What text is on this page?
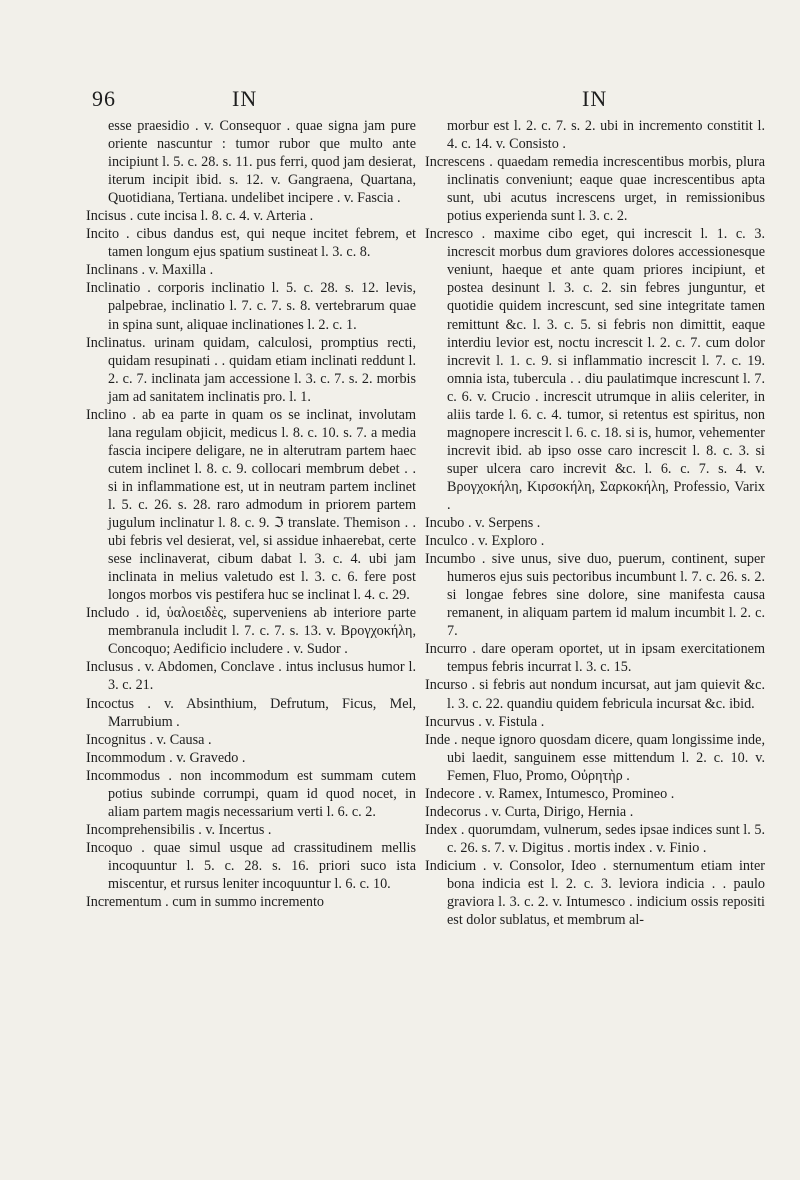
96	IN	IN

esse praesidio . v. Consequor . quae signa jam pure oriente nascuntur : tumor rubor que multo ante incipiunt l. 5. c. 28. s. 11. pus ferri, quod jam desierat, iterum incipit ibid. s. 12. v. Gangraena, Quartana, Quotidiana, Tertiana. undelibet incipere . v. Fascia .

Incisus . cute incisa l. 8. c. 4. v. Arteria .

Incito . cibus dandus est, qui neque incitet febrem, et tamen longum ejus spatium sustineat l. 3. c. 8.

Inclinans . v. Maxilla .

Inclinatio . corporis inclinatio l. 5. c. 28. s. 12. levis, palpebrae, inclinatio l. 7. c. 7. s. 8. vertebrarum quae in spina sunt, aliquae inclinationes l. 2. c. 1.

Inclinatus. urinam quidam, calculosi, promptius recti, quidam resupinati . . quidam etiam inclinati reddunt l. 2. c. 7. inclinata jam accessione l. 3. c. 7. s. 2. morbis jam ad sanitatem inclinatis pro. l. 1.

Inclino . ab ea parte in quam os se inclinat, involutam lana regulam objicit, medicus l. 8. c. 10. s. 7. a media fascia incipere deligare, ne in alterutram partem haec cutem inclinet l. 8. c. 9. collocari membrum debet . . si in inflammatione est, ut in neutram partem inclinet l. 5. c. 26. s. 28. raro admodum in priorem partem jugulum inclinatur l. 8. c. 9. ℑ translate. Themison . . ubi febris vel desierat, vel, si assidue inhaerebat, certe sese inclinaverat, cibum dabat l. 3. c. 4. ubi jam inclinata in melius valetudo est l. 3. c. 6. fere post longos morbos vis pestifera huc se inclinat l. 4. c. 29.

Includo . id, ὑαλοειδὲς, superveniens ab interiore parte membranula includit l. 7. c. 7. s. 13. v. Βρογχοκήλη, Concoquo; Aedificio includere . v. Sudor .

Inclusus . v. Abdomen, Conclave . intus inclusus humor l. 3. c. 21.

Incoctus . v. Absinthium, Defrutum, Ficus, Mel, Marrubium .

Incognitus . v. Causa .

Incommodum . v. Gravedo .

Incommodus . non incommodum est summam cutem potius subinde corrumpi, quam id quod nocet, in aliam partem magis necessarium verti l. 6. c. 2.

Incomprehensibilis . v. Incertus .

Incoquo . quae simul usque ad crassitudinem mellis incoquuntur l. 5. c. 28. s. 16. priori suco ista miscentur, et rursus leniter incoquuntur l. 6. c. 10.

Incrementum . cum in summo incremento

morbur est l. 2. c. 7. s. 2. ubi in incremento constitit l. 4. c. 14. v. Consisto .

Increscens . quaedam remedia increscentibus morbis, plura inclinatis conveniunt; eaque quae increscentibus apta sunt, ubi acutus increscens urget, in remissionibus potius experienda sunt l. 3. c. 2.

Incresco . maxime cibo eget, qui increscit l. 1. c. 3. increscit morbus dum graviores dolores accessionesque veniunt, haeque et ante quam priores incipiunt, et postea desinunt l. 3. c. 2. sin febres junguntur, et quotidie quidem increscunt, sed sine integritate tamen remittunt &c. l. 3. c. 5. si febris non dimittit, eaque interdiu levior est, noctu increscit l. 2. c. 7. cum dolor increvit l. 1. c. 9. si inflammatio increscit l. 7. c. 19. omnia ista, tubercula . . diu paulatimque increscunt l. 7. c. 6. v. Crucio . increscit utrumque in aliis celeriter, in aliis tarde l. 6. c. 4. tumor, si retentus est spiritus, non magnopere increscit l. 6. c. 18. si is, humor, vehementer increvit ibid. ab ipso osse caro increscit l. 8. c. 3. si super ulcera caro increvit &c. l. 6. c. 7. s. 4. v. Βρογχοκήλη, Κιρσοκήλη, Σαρκοκήλη, Professio, Varix .

Incubo . v. Serpens .

Inculco . v. Exploro .

Incumbo . sive unus, sive duo, puerum, continent, super humeros ejus suis pectoribus incumbunt l. 7. c. 26. s. 2. si longae febres sine dolore, sine manifesta causa remanent, in aliquam partem id malum incumbit l. 2. c. 7.

Incurro . dare operam oportet, ut in ipsam exercitationem tempus febris incurrat l. 3. c. 15.

Incurso . si febris aut nondum incursat, aut jam quievit &c. l. 3. c. 22. quandiu quidem febricula incursat &c. ibid.

Incurvus . v. Fistula .

Inde . neque ignoro quosdam dicere, quam longissime inde, ubi laedit, sanguinem esse mittendum l. 2. c. 10. v. Femen, Fluo, Promo, Οὐρητὴρ .

Indecore . v. Ramex, Intumesco, Promineo .

Indecorus . v. Curta, Dirigo, Hernia .

Index . quorumdam, vulnerum, sedes ipsae indices sunt l. 5. c. 26. s. 7. v. Digitus . mortis index . v. Finio .

Indicium . v. Consolor, Ideo . sternumentum etiam inter bona indicia est l. 2. c. 3. leviora indicia . . paulo graviora l. 3. c. 2. v. Intumesco . indicium ossis repositi est dolor sublatus, et membrum al-
